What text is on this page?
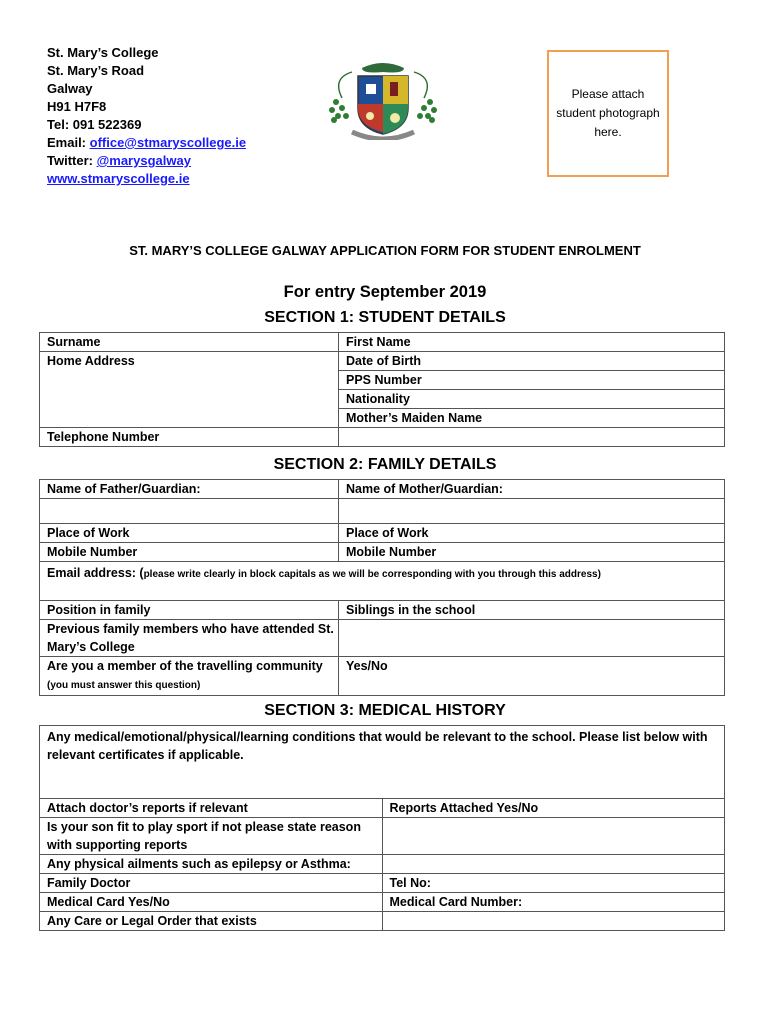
St. Mary’s College
St. Mary’s Road
Galway
H91 H7F8
Tel: 091 522369
Email: office@stmaryscollege.ie
Twitter: @marysgalway
www.stmaryscollege.ie
Please attach student photograph here.
ST. MARY’S COLLEGE GALWAY APPLICATION FORM FOR STUDENT ENROLMENT
For entry September 2019
SECTION 1: STUDENT DETAILS
Surname	First Name
Home Address	Date of Birth
	PPS Number
	Nationality
	Mother’s Maiden Name
Telephone Number	
SECTION 2: FAMILY DETAILS
Name of Father/Guardian:	Name of Mother/Guardian:

Place of Work	Place of Work
Mobile Number	Mobile Number
Email address: (please write clearly in block capitals as we will be corresponding with you through this address)	
Position in family	Siblings in the school
Previous family members who have attended St. Mary’s College	
Are you a member of the travelling community (you must answer this question)	Yes/No
SECTION 3: MEDICAL HISTORY
Any medical/emotional/physical/learning conditions that would be relevant to the school. Please list below with relevant certificates if applicable.	
Attach doctor’s reports if relevant	Reports Attached Yes/No
Is your son fit to play sport if not please state reason with supporting reports	
Any physical ailments such as epilepsy or Asthma:	
Family Doctor	Tel No:
Medical Card Yes/No	Medical Card Number:
Any Care or Legal Order that exists	
